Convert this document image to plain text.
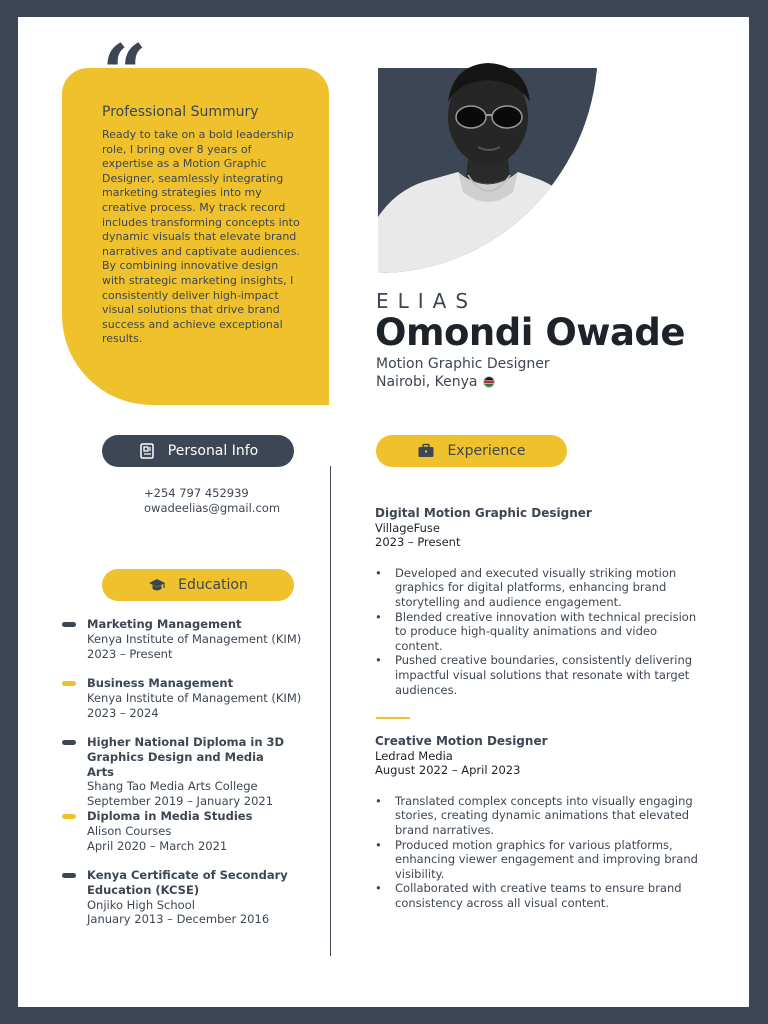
Professional Summury
Ready to take on a bold leadership role, I bring over 8 years of expertise as a Motion Graphic Designer, seamlessly integrating marketing strategies into my creative process. My track record includes transforming concepts into dynamic visuals that elevate brand narratives and captivate audiences. By combining innovative design with strategic marketing insights, I consistently deliver high-impact visual solutions that drive brand success and achieve exceptional results.
“
ELIAS
Omondi Owade
Motion Graphic Designer
Nairobi, Kenya
Personal Info
+254 797 452939
owadeelias@gmail.com
Education
Marketing Management
Kenya Institute of Management (KIM)
2023 – Present
Business Management
Kenya Institute of Management (KIM)
2023 – 2024
Higher National Diploma in 3D Graphics Design and Media Arts
Shang Tao Media Arts College
September 2019 – January 2021
Diploma in Media Studies
Alison Courses
April 2020 – March 2021
Kenya Certificate of Secondary Education (KCSE)
Onjiko High School
January 2013 – December 2016
Experience
Digital Motion Graphic Designer
VillageFuse
2023 – Present
• Developed and executed visually striking motion graphics for digital platforms, enhancing brand storytelling and audience engagement.
• Blended creative innovation with technical precision to produce high-quality animations and video content.
• Pushed creative boundaries, consistently delivering impactful visual solutions that resonate with target audiences.
Creative Motion Designer
Ledrad Media
August 2022 – April 2023
• Translated complex concepts into visually engaging stories, creating dynamic animations that elevated brand narratives.
• Produced motion graphics for various platforms, enhancing viewer engagement and improving brand visibility.
• Collaborated with creative teams to ensure brand consistency across all visual content.
